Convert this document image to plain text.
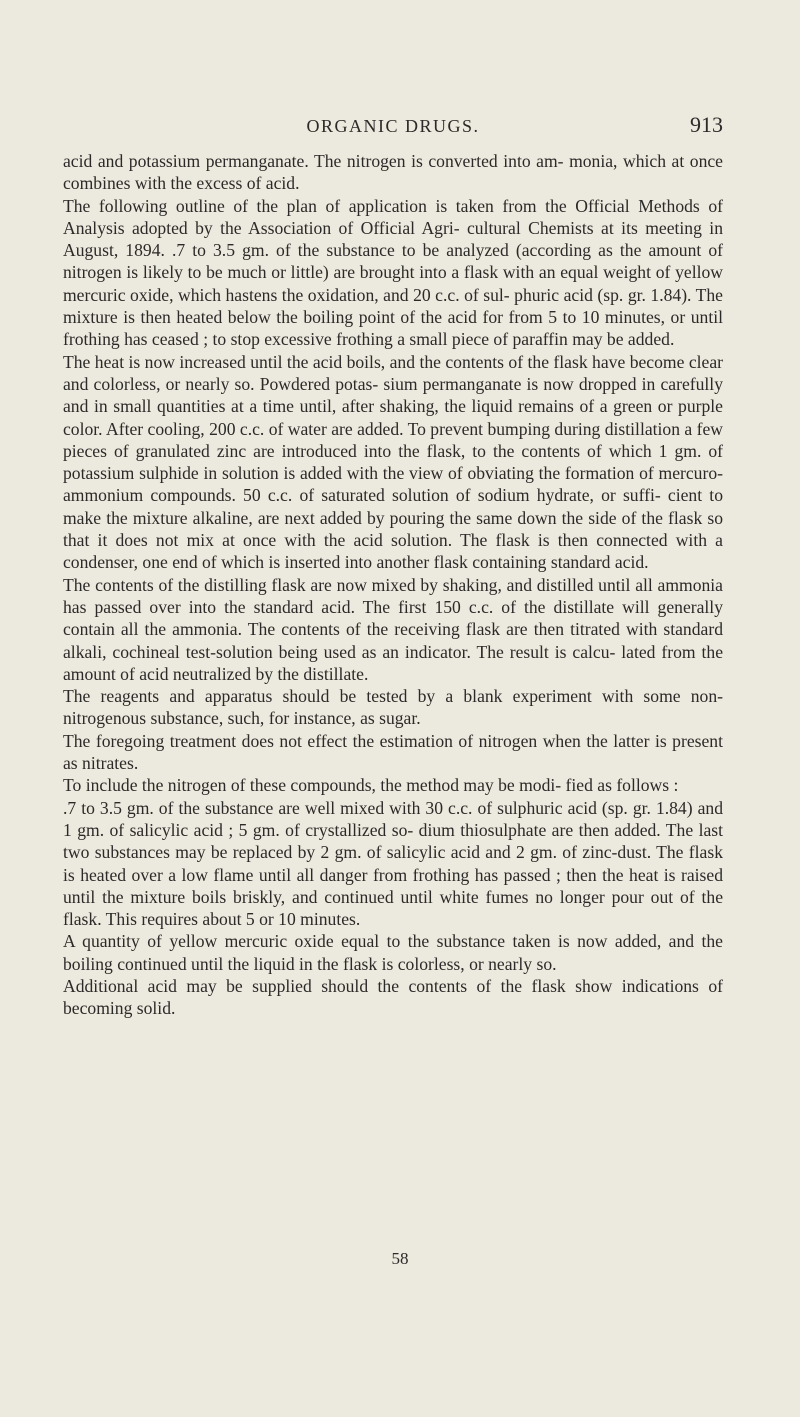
ORGANIC DRUGS.	913

acid and potassium permanganate. The nitrogen is converted into am- monia, which at once combines with the excess of acid.

The following outline of the plan of application is taken from the Official Methods of Analysis adopted by the Association of Official Agri- cultural Chemists at its meeting in August, 1894. .7 to 3.5 gm. of the substance to be analyzed (according as the amount of nitrogen is likely to be much or little) are brought into a flask with an equal weight of yellow mercuric oxide, which hastens the oxidation, and 20 c.c. of sul- phuric acid (sp. gr. 1.84). The mixture is then heated below the boiling point of the acid for from 5 to 10 minutes, or until frothing has ceased ; to stop excessive frothing a small piece of paraffin may be added.

The heat is now increased until the acid boils, and the contents of the flask have become clear and colorless, or nearly so. Powdered potas- sium permanganate is now dropped in carefully and in small quantities at a time until, after shaking, the liquid remains of a green or purple color. After cooling, 200 c.c. of water are added. To prevent bumping during distillation a few pieces of granulated zinc are introduced into the flask, to the contents of which 1 gm. of potassium sulphide in solution is added with the view of obviating the formation of mercuro-ammonium compounds. 50 c.c. of saturated solution of sodium hydrate, or suffi- cient to make the mixture alkaline, are next added by pouring the same down the side of the flask so that it does not mix at once with the acid solution. The flask is then connected with a condenser, one end of which is inserted into another flask containing standard acid.

The contents of the distilling flask are now mixed by shaking, and distilled until all ammonia has passed over into the standard acid. The first 150 c.c. of the distillate will generally contain all the ammonia. The contents of the receiving flask are then titrated with standard alkali, cochineal test-solution being used as an indicator. The result is calcu- lated from the amount of acid neutralized by the distillate.

The reagents and apparatus should be tested by a blank experiment with some non-nitrogenous substance, such, for instance, as sugar.

The foregoing treatment does not effect the estimation of nitrogen when the latter is present as nitrates.

To include the nitrogen of these compounds, the method may be modi- fied as follows :

.7 to 3.5 gm. of the substance are well mixed with 30 c.c. of sulphuric acid (sp. gr. 1.84) and 1 gm. of salicylic acid ; 5 gm. of crystallized so- dium thiosulphate are then added. The last two substances may be replaced by 2 gm. of salicylic acid and 2 gm. of zinc-dust. The flask is heated over a low flame until all danger from frothing has passed ; then the heat is raised until the mixture boils briskly, and continued until white fumes no longer pour out of the flask. This requires about 5 or 10 minutes.

A quantity of yellow mercuric oxide equal to the substance taken is now added, and the boiling continued until the liquid in the flask is colorless, or nearly so.

Additional acid may be supplied should the contents of the flask show indications of becoming solid.

58
